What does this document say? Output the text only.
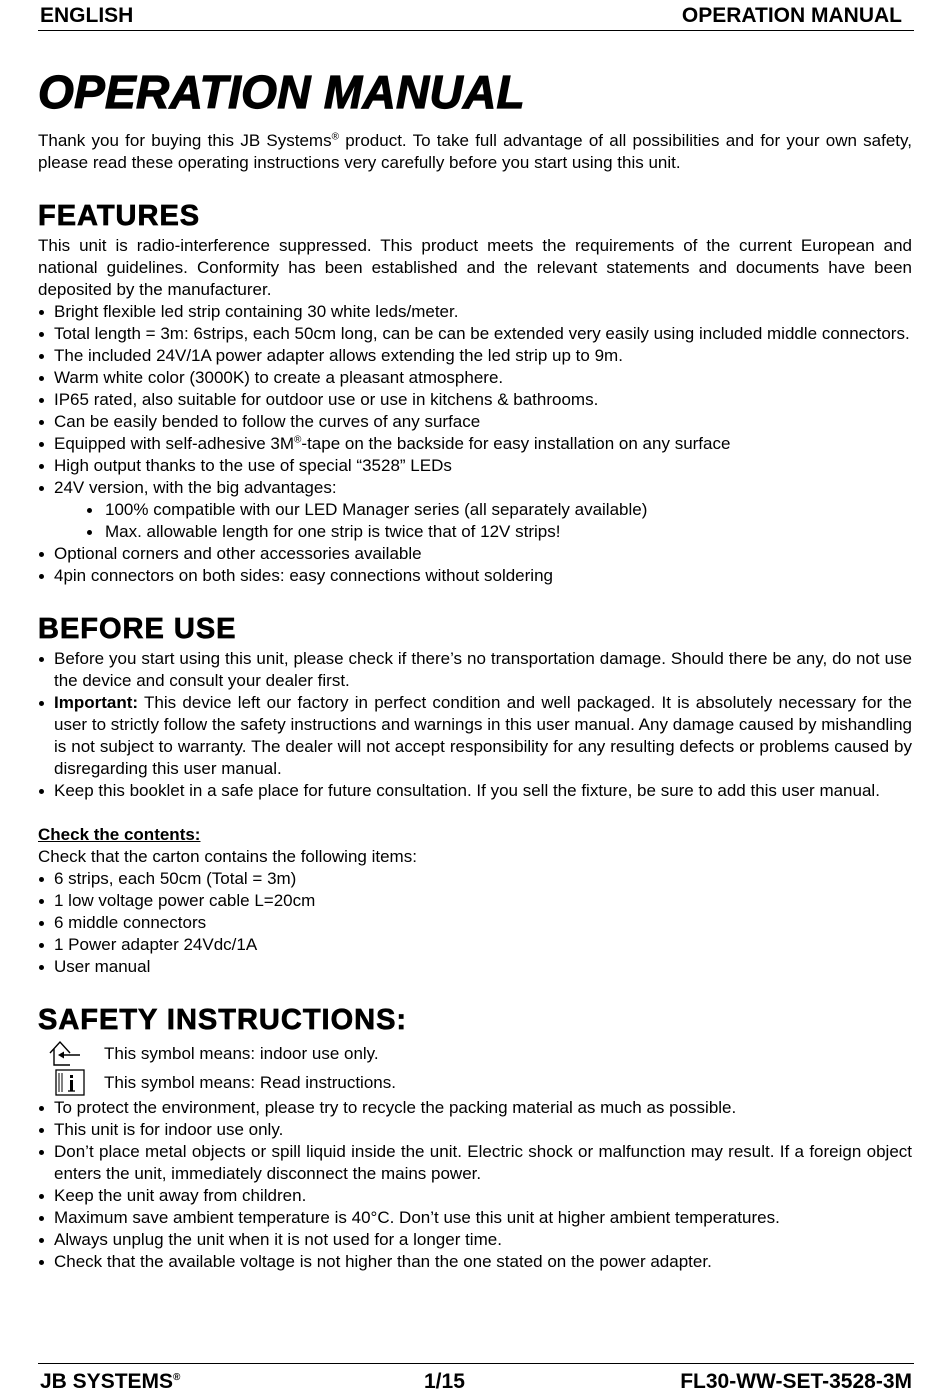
ENGLISH	OPERATION MANUAL
OPERATION MANUAL

Thank you for buying this JB Systems® product. To take full advantage of all possibilities and for your own safety, please read these operating instructions very carefully before you start using this unit.

FEATURES

This unit is radio-interference suppressed. This product meets the requirements of the current European and national guidelines. Conformity has been established and the relevant statements and documents have been deposited by the manufacturer.

Bright flexible led strip containing 30 white leds/meter.
Total length = 3m: 6strips, each 50cm long, can be can be extended very easily using included middle connectors.
The included 24V/1A power adapter allows extending the led strip up to 9m.
Warm white color (3000K) to create a pleasant atmosphere.
IP65 rated, also suitable for outdoor use or use in kitchens & bathrooms.
Can be easily bended to follow the curves of any surface
Equipped with self-adhesive 3M®-tape on the backside for easy installation on any surface
High output thanks to the use of special “3528” LEDs
24V version, with the big advantages:
100% compatible with our LED Manager series (all separately available)
Max. allowable length for one strip is twice that of 12V strips!
Optional corners and other accessories available
4pin connectors on both sides: easy connections without soldering
BEFORE USE
Before you start using this unit, please check if there’s no transportation damage. Should there be any, do not use the device and consult your dealer first.
Important: This device left our factory in perfect condition and well packaged. It is absolutely necessary for the user to strictly follow the safety instructions and warnings in this user manual. Any damage caused by mishandling is not subject to warranty. The dealer will not accept responsibility for any resulting defects or problems caused by disregarding this user manual.
Keep this booklet in a safe place for future consultation. If you sell the fixture, be sure to add this user manual.
Check the contents:

Check that the carton contains the following items:

6 strips, each 50cm (Total = 3m)
1 low voltage power cable L=20cm
6 middle connectors
1 Power adapter 24Vdc/1A
User manual
SAFETY INSTRUCTIONS:
This symbol means: indoor use only.
This symbol means: Read instructions.
To protect the environment, please try to recycle the packing material as much as possible.
This unit is for indoor use only.
Don’t place metal objects or spill liquid inside the unit. Electric shock or malfunction may result. If a foreign object enters the unit, immediately disconnect the mains power.
Keep the unit away from children.
Maximum save ambient temperature is 40°C. Don’t use this unit at higher ambient temperatures.
Always unplug the unit when it is not used for a longer time.
Check that the available voltage is not higher than the one stated on the power adapter.
JB SYSTEMS®	1/15	FL30-WW-SET-3528-3M
